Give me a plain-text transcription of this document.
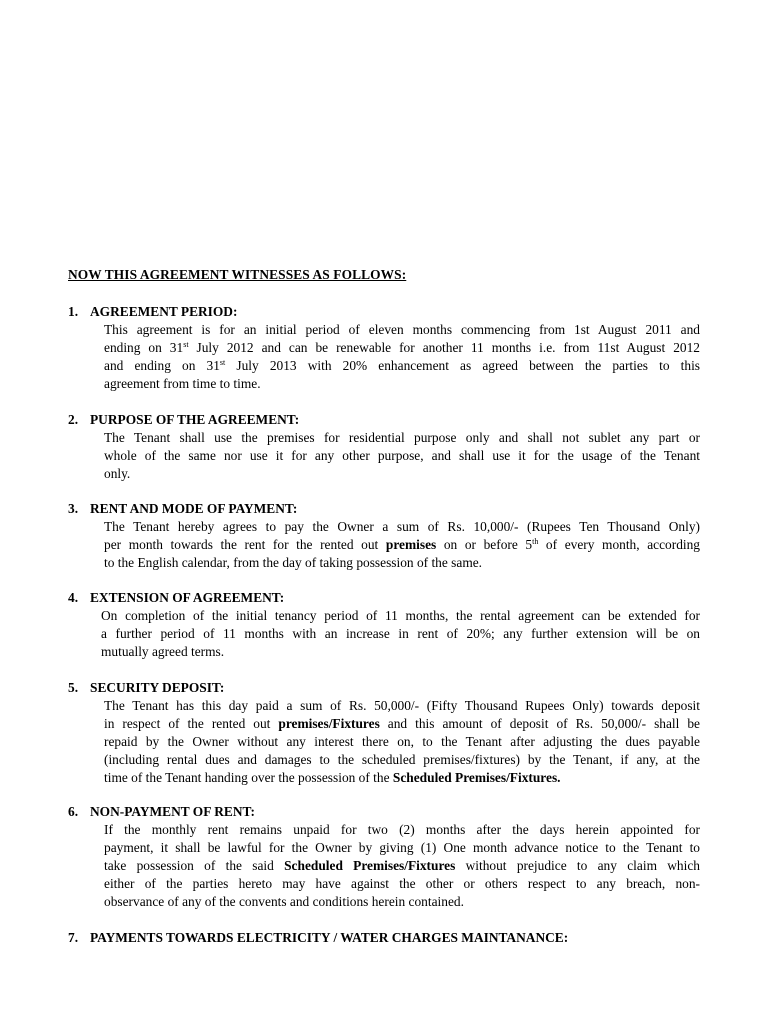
NOW THIS AGREEMENT WITNESSES AS FOLLOWS:

1. AGREEMENT PERIOD:

This agreement is for an initial period of eleven months commencing from 1st August 2011 and
ending on 31st July 2012 and can be renewable for another 11 months i.e. from 11st August 2012
and ending on 31st July 2013 with 20% enhancement as agreed between the parties to this
agreement from time to time.

2. PURPOSE OF THE AGREEMENT:

The Tenant shall use the premises for residential purpose only and shall not sublet any part or
whole of the same nor use it for any other purpose, and shall use it for the usage of the Tenant
only.

3. RENT AND MODE OF PAYMENT:

The Tenant hereby agrees to pay the Owner a sum of Rs. 10,000/- (Rupees Ten Thousand Only)
per month towards the rent for the rented out premises on or before 5th of every month, according
to the English calendar, from the day of taking possession of the same.

4. EXTENSION OF AGREEMENT:

On completion of the initial tenancy period of 11 months, the rental agreement can be extended for
a further period of 11 months with an increase in rent of 20%; any further extension will be on
mutually agreed terms.

5. SECURITY DEPOSIT:

The Tenant has this day paid a sum of Rs. 50,000/- (Fifty Thousand Rupees Only) towards deposit
in respect of the rented out premises/Fixtures and this amount of deposit of Rs. 50,000/- shall be
repaid by the Owner without any interest there on, to the Tenant after adjusting the dues payable
(including rental dues and damages to the scheduled premises/fixtures) by the Tenant, if any, at the
time of the Tenant handing over the possession of the Scheduled Premises/Fixtures.

6. NON-PAYMENT OF RENT:

If the monthly rent remains unpaid for two (2) months after the days herein appointed for
payment, it shall be lawful for the Owner by giving (1) One month advance notice to the Tenant to
take possession of the said Scheduled Premises/Fixtures without prejudice to any claim which
either of the parties hereto may have against the other or others respect to any breach, non-
observance of any of the convents and conditions herein contained.

7. PAYMENTS TOWARDS ELECTRICITY / WATER CHARGES MAINTANANCE:
